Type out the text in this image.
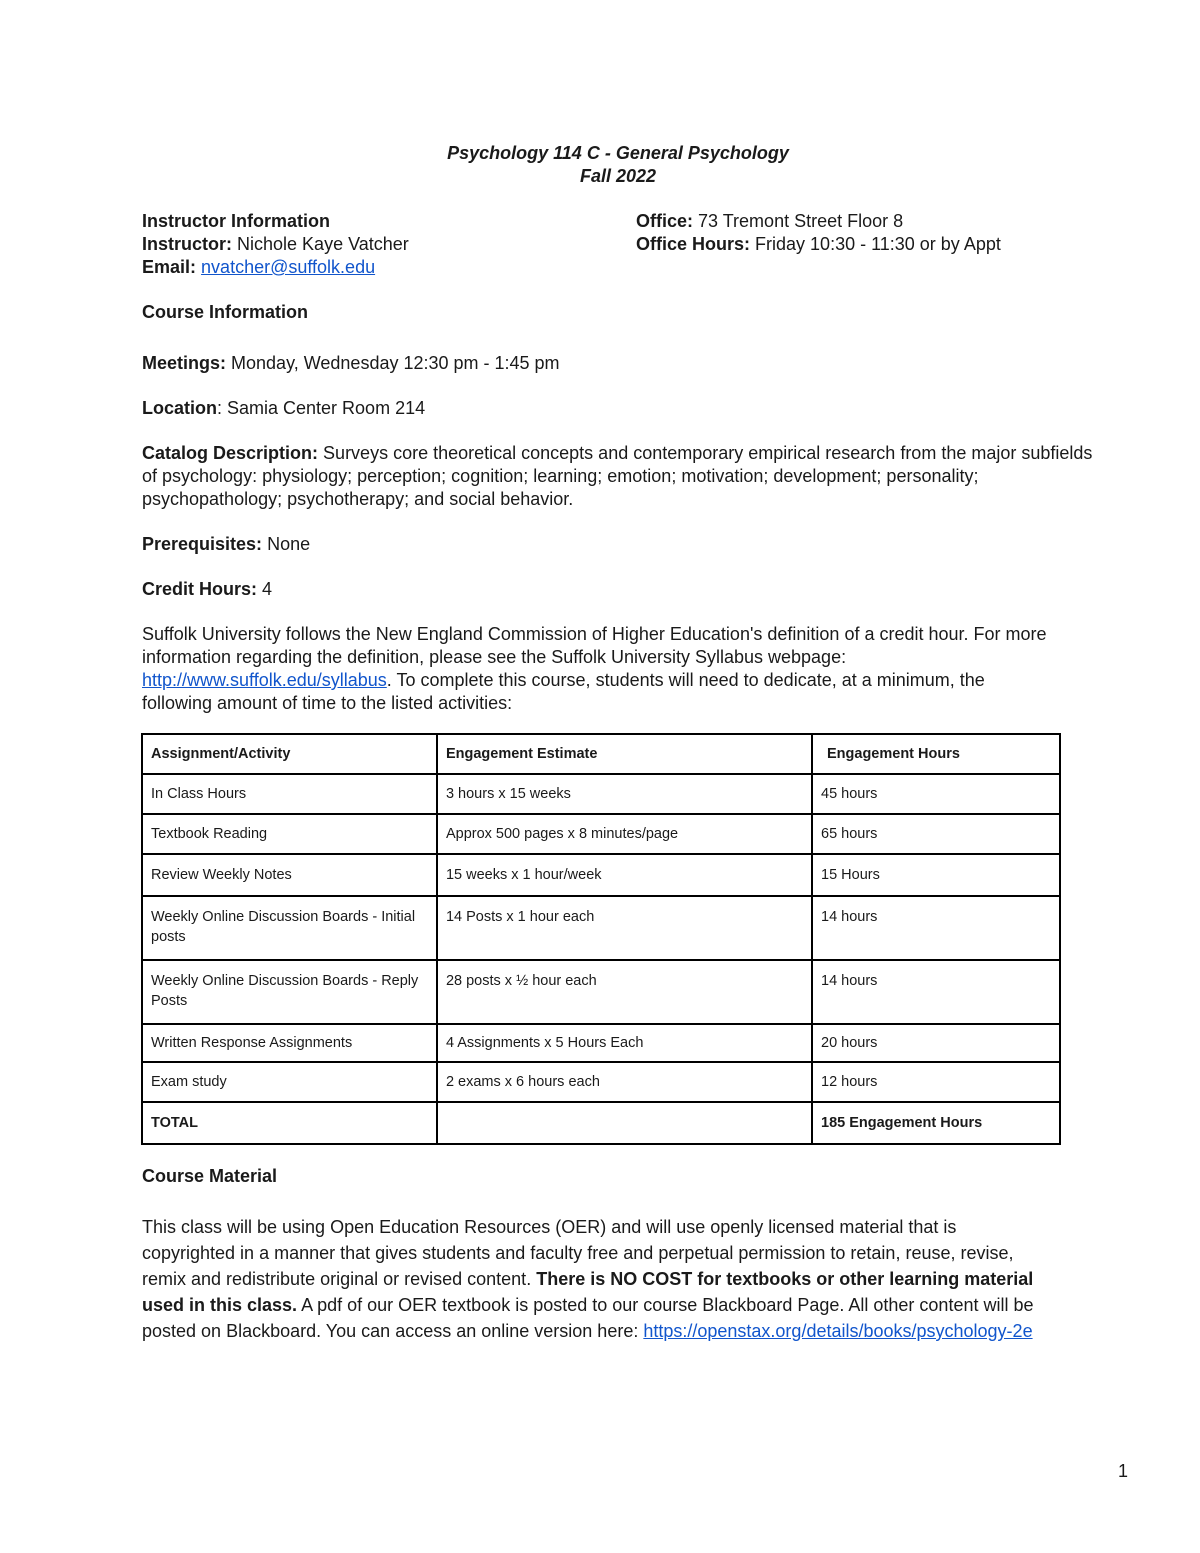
Psychology 114 C - General Psychology
Fall 2022
Instructor Information
Instructor: Nichole Kaye Vatcher
Email: nvatcher@suffolk.edu
Office: 73 Tremont Street Floor 8
Office Hours: Friday 10:30 - 11:30 or by Appt
Course Information
Meetings: Monday, Wednesday 12:30 pm - 1:45 pm
Location: Samia Center Room 214
Catalog Description: Surveys core theoretical concepts and contemporary empirical research from the major subfields of psychology: physiology; perception; cognition; learning; emotion; motivation; development; personality; psychopathology; psychotherapy; and social behavior.
Prerequisites: None
Credit Hours: 4
Suffolk University follows the New England Commission of Higher Education's definition of a credit hour. For more information regarding the definition, please see the Suffolk University Syllabus webpage: http://www.suffolk.edu/syllabus. To complete this course, students will need to dedicate, at a minimum, the following amount of time to the listed activities:
Assignment/Activity	Engagement Estimate	Engagement Hours
In Class Hours	3 hours x 15 weeks	45 hours
Textbook Reading	Approx 500 pages x 8 minutes/page	65 hours
Review Weekly Notes	15 weeks x 1 hour/week	15 Hours
Weekly Online Discussion Boards - Initial posts	14 Posts x 1 hour each	14 hours
Weekly Online Discussion Boards - Reply Posts	28 posts x ½ hour each	14 hours
Written Response Assignments	4 Assignments x 5 Hours Each	20 hours
Exam study	2 exams x 6 hours each	12 hours
TOTAL		185 Engagement Hours
Course Material
This class will be using Open Education Resources (OER) and will use openly licensed material that is copyrighted in a manner that gives students and faculty free and perpetual permission to retain, reuse, revise, remix and redistribute original or revised content. There is NO COST for textbooks or other learning material used in this class. A pdf of our OER textbook is posted to our course Blackboard Page. All other content will be posted on Blackboard. You can access an online version here: https://openstax.org/details/books/psychology-2e
1
